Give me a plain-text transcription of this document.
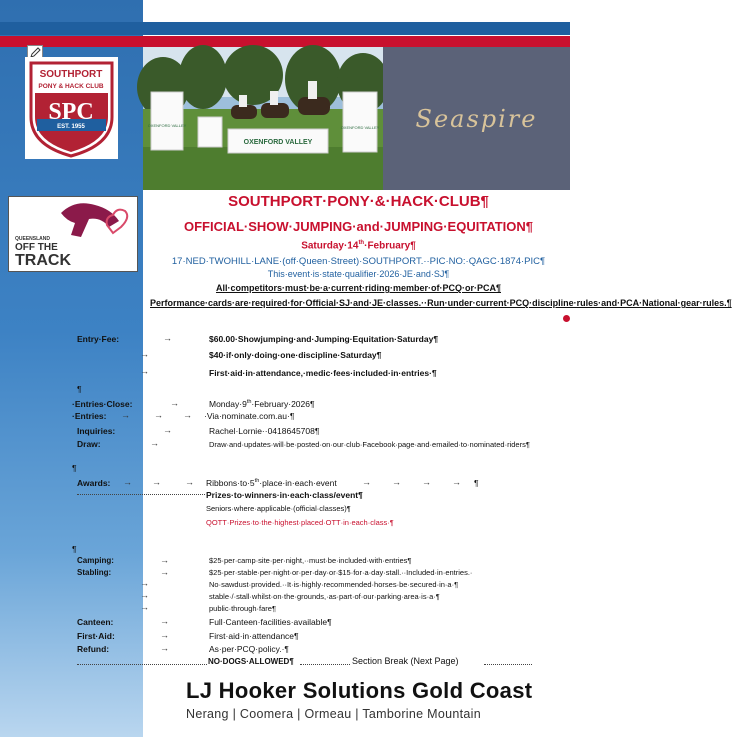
SOUTHPORT
PONY & HACK CLUB
SPC
EST. 1955	OXENFORD VALLEY
OXENFORD VALLEY
OXENFORD VALLEY	Seaspire
QUEENSLAND
OFF THE
TRACK
SOUTHPORT·PONY·&·HACK·CLUB¶
OFFICIAL·SHOW·JUMPING·and·JUMPING·EQUITATION¶
Saturday·14th·February¶
17·NED·TWOHILL·LANE·(off·Queen·Street)·SOUTHPORT.··PIC·NO:·QAGC·1874·PIC¶
This·event·is·state·qualifier·2026·JE·and·SJ¶
All·competitors·must·be·a·current·riding·member·of·PCQ·or·PCA¶
Performance·cards·are·required·for·Official·SJ·and·JE·classes.··Run·under·current·PCQ·discipline·rules·and·PCA·National·gear·rules.¶
Entry·Fee:	→	$60.00·Showjumping·and·Jumping·Equitation·Saturday¶
→	$40·if·only·doing·one·discipline·Saturday¶
→	First·aid·in·attendance,·medic·fees·included·in·entries·¶
¶
·Entries·Close:	→	Monday·9th·February·2026¶
·Entries: →	→ → ·Via·nominate.com.au·¶
Inquiries:	→	Rachel·Lornie··0418645708¶
Draw:	→	Draw·and·updates·will·be·posted·on·our·club·Facebook·page·and·emailed·to·nominated·riders¶
¶
Awards: → →	→ Ribbons·to·5th·place·in·each·event	→ → → → ¶
Prizes·to·winners·in·each·class/event¶
Seniors·where·applicable·(official·classes)¶
QOTT·Prizes·to·the·highest·placed·OTT·in·each·class·¶
¶
Camping:	→	$25·per·camp·site·per·night,··must·be·included·with·entries¶
Stabling:	→	$25·per·stable·per·night·or·per·day·or·$15·for·a·day·stall.··Included·in·entries.·
→	No·sawdust·provided.··It·is·highly·recommended·horses·be·secured·in·a·¶
→	stable·/·stall·whilst·on·the·grounds,·as·part·of·our·parking·area·is·a·¶
→	public·through·fare¶
Canteen:	→	Full·Canteen·facilities·available¶
First·Aid:	→	First·aid·in·attendance¶
Refund:	→	As·per·PCQ·policy.·¶
NO·DOGS·ALLOWED¶	Section Break (Next Page)
LJ Hooker Solutions Gold Coast
Nerang | Coomera | Ormeau | Tamborine Mountain
